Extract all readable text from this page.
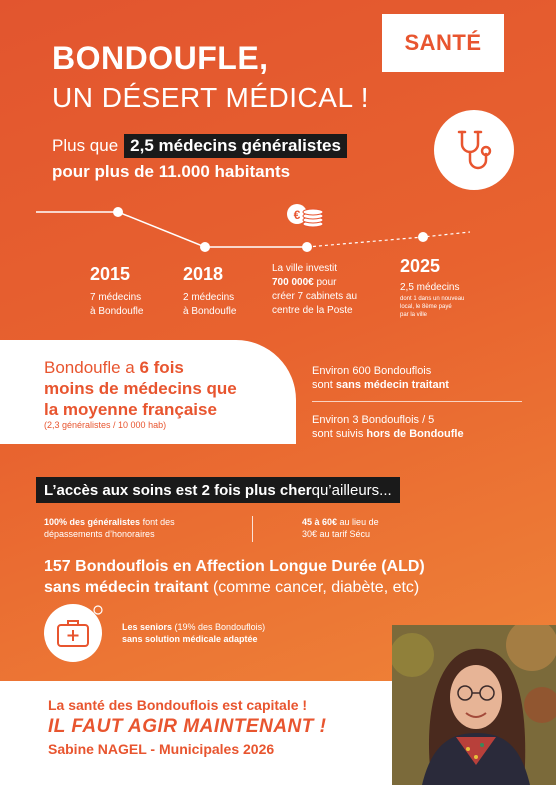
SANTÉ
BONDOUFLE,
UN DÉSERT MÉDICAL !
Plus que 2,5 médecins généralistes
pour plus de 11.000 habitants
€
2015
7 médecins
à Bondoufle
2018
2 médecins
à Bondoufle
La ville investit
700 000€ pour
créer 7 cabinets au
centre de la Poste
2025
2,5 médecins
dont 1 dans un nouveau
local, le 8ème payé
par la ville
Bondoufle a 6 fois
moins de médecins que
la moyenne française
(2,3 généralistes / 10 000 hab)
Environ 600 Bondouflois
sont sans médecin traitant
Environ 3 Bondouflois / 5
sont suivis hors de Bondoufle
L’accès aux soins est 2 fois plus cher qu’ailleurs...
100% des généralistes font des
dépassements d’honoraires
45 à 60€ au lieu de
30€ au tarif Sécu
157 Bondouflois en Affection Longue Durée (ALD)
sans médecin traitant (comme cancer, diabète, etc)
Les seniors (19% des Bondouflois)
sans solution médicale adaptée
La santé des Bondouflois est capitale !
IL FAUT AGIR MAINTENANT !
Sabine NAGEL - Municipales 2026
